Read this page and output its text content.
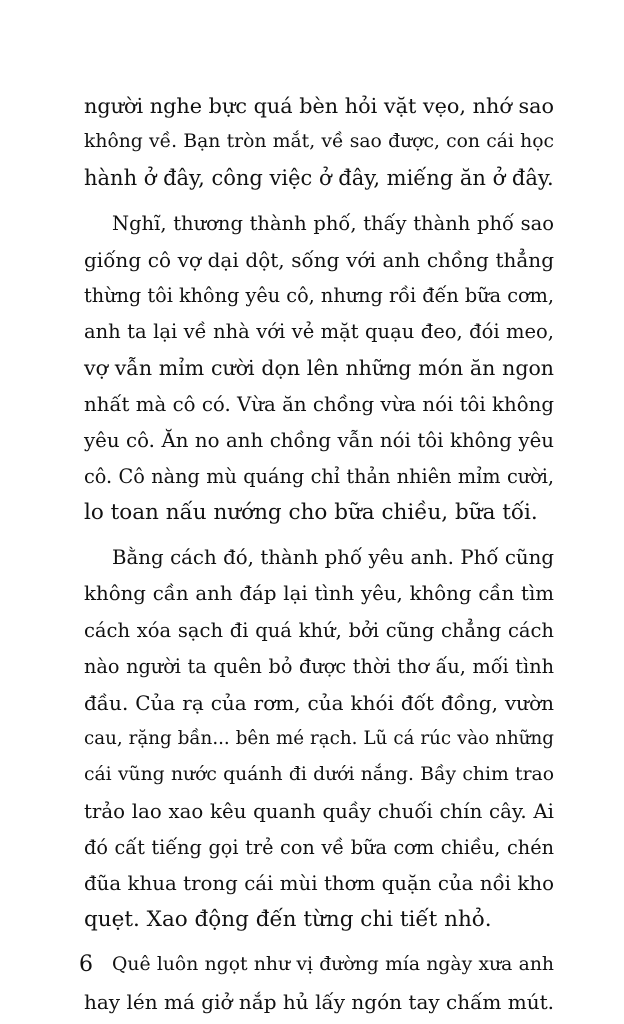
người nghe bực quá bèn hỏi vặt vẹo, nhớ sao
không về. Bạn tròn mắt, về sao được, con cái học
hành ở đây, công việc ở đây, miếng ăn ở đây.
Nghĩ, thương thành phố, thấy thành phố sao
giống cô vợ dại dột, sống với anh chồng thẳng
thừng tôi không yêu cô, nhưng rồi đến bữa cơm,
anh ta lại về nhà với vẻ mặt quạu đeo, đói meo,
vợ vẫn mỉm cười dọn lên những món ăn ngon
nhất mà cô có. Vừa ăn chồng vừa nói tôi không
yêu cô. Ăn no anh chồng vẫn nói tôi không yêu
cô. Cô nàng mù quáng chỉ thản nhiên mỉm cười,
lo toan nấu nướng cho bữa chiều, bữa tối.
Bằng cách đó, thành phố yêu anh. Phố cũng
không cần anh đáp lại tình yêu, không cần tìm
cách xóa sạch đi quá khứ, bởi cũng chẳng cách
nào người ta quên bỏ được thời thơ ấu, mối tình
đầu. Của rạ của rơm, của khói đốt đồng, vườn
cau, rặng bần... bên mé rạch. Lũ cá rúc vào những
cái vũng nước quánh đi dưới nắng. Bầy chim trao
trảo lao xao kêu quanh quầy chuối chín cây. Ai
đó cất tiếng gọi trẻ con về bữa cơm chiều, chén
đũa khua trong cái mùi thơm quặn của nồi kho
quẹt. Xao động đến từng chi tiết nhỏ.
Quê luôn ngọt như vị đường mía ngày xưa anh
hay lén má giở nắp hủ lấy ngón tay chấm mút.
6
